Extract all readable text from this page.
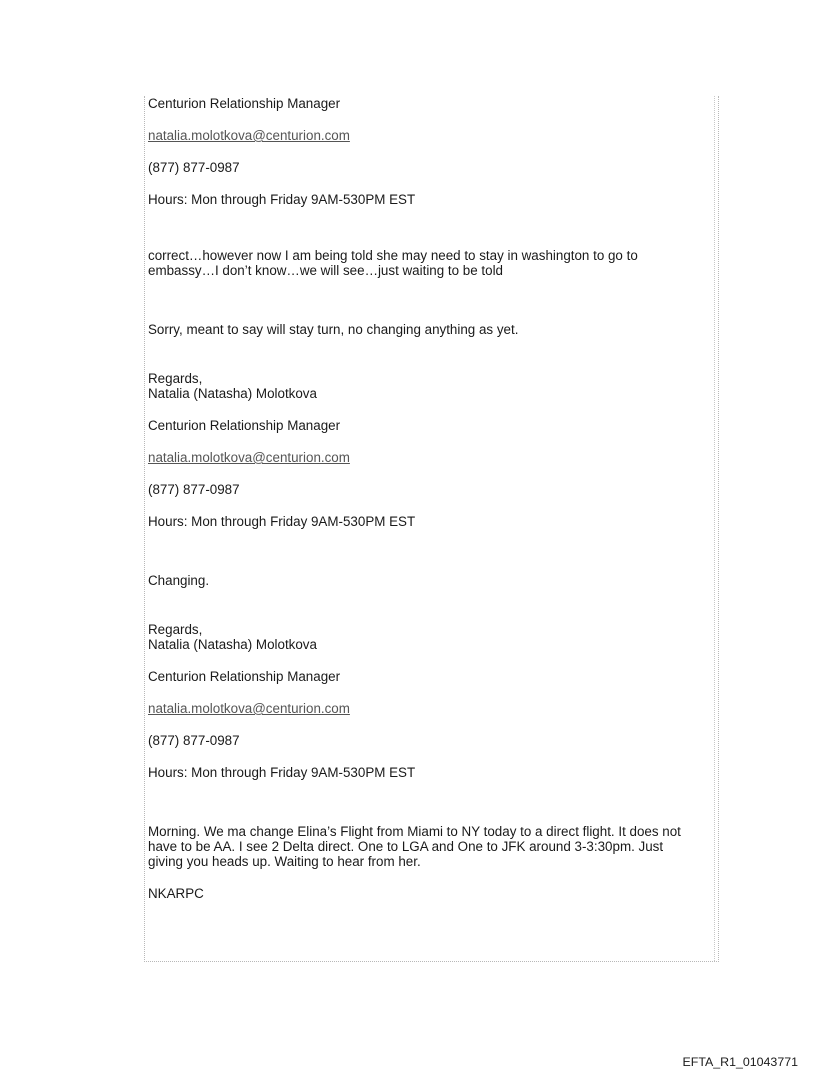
Centurion Relationship Manager

natalia.molotkova@centurion.com

(877) 877-0987

Hours: Mon through Friday 9AM-530PM EST

correct…however now I am being told she may need to stay in washington to go to
embassy…I don’t know…we will see…just waiting to be told

Sorry, meant to say will stay turn, no changing anything as yet.

Regards,
Natalia (Natasha) Molotkova

Centurion Relationship Manager

natalia.molotkova@centurion.com

(877) 877-0987

Hours: Mon through Friday 9AM-530PM EST

Changing.

Regards,
Natalia (Natasha) Molotkova

Centurion Relationship Manager

natalia.molotkova@centurion.com

(877) 877-0987

Hours: Mon through Friday 9AM-530PM EST

Morning. We ma change Elina’s Flight from Miami to NY today to a direct flight. It does not
have to be AA. I see 2 Delta direct. One to LGA and One to JFK around 3-3:30pm. Just
giving you heads up. Waiting to hear from her.

NKARPC

EFTA_R1_01043771
